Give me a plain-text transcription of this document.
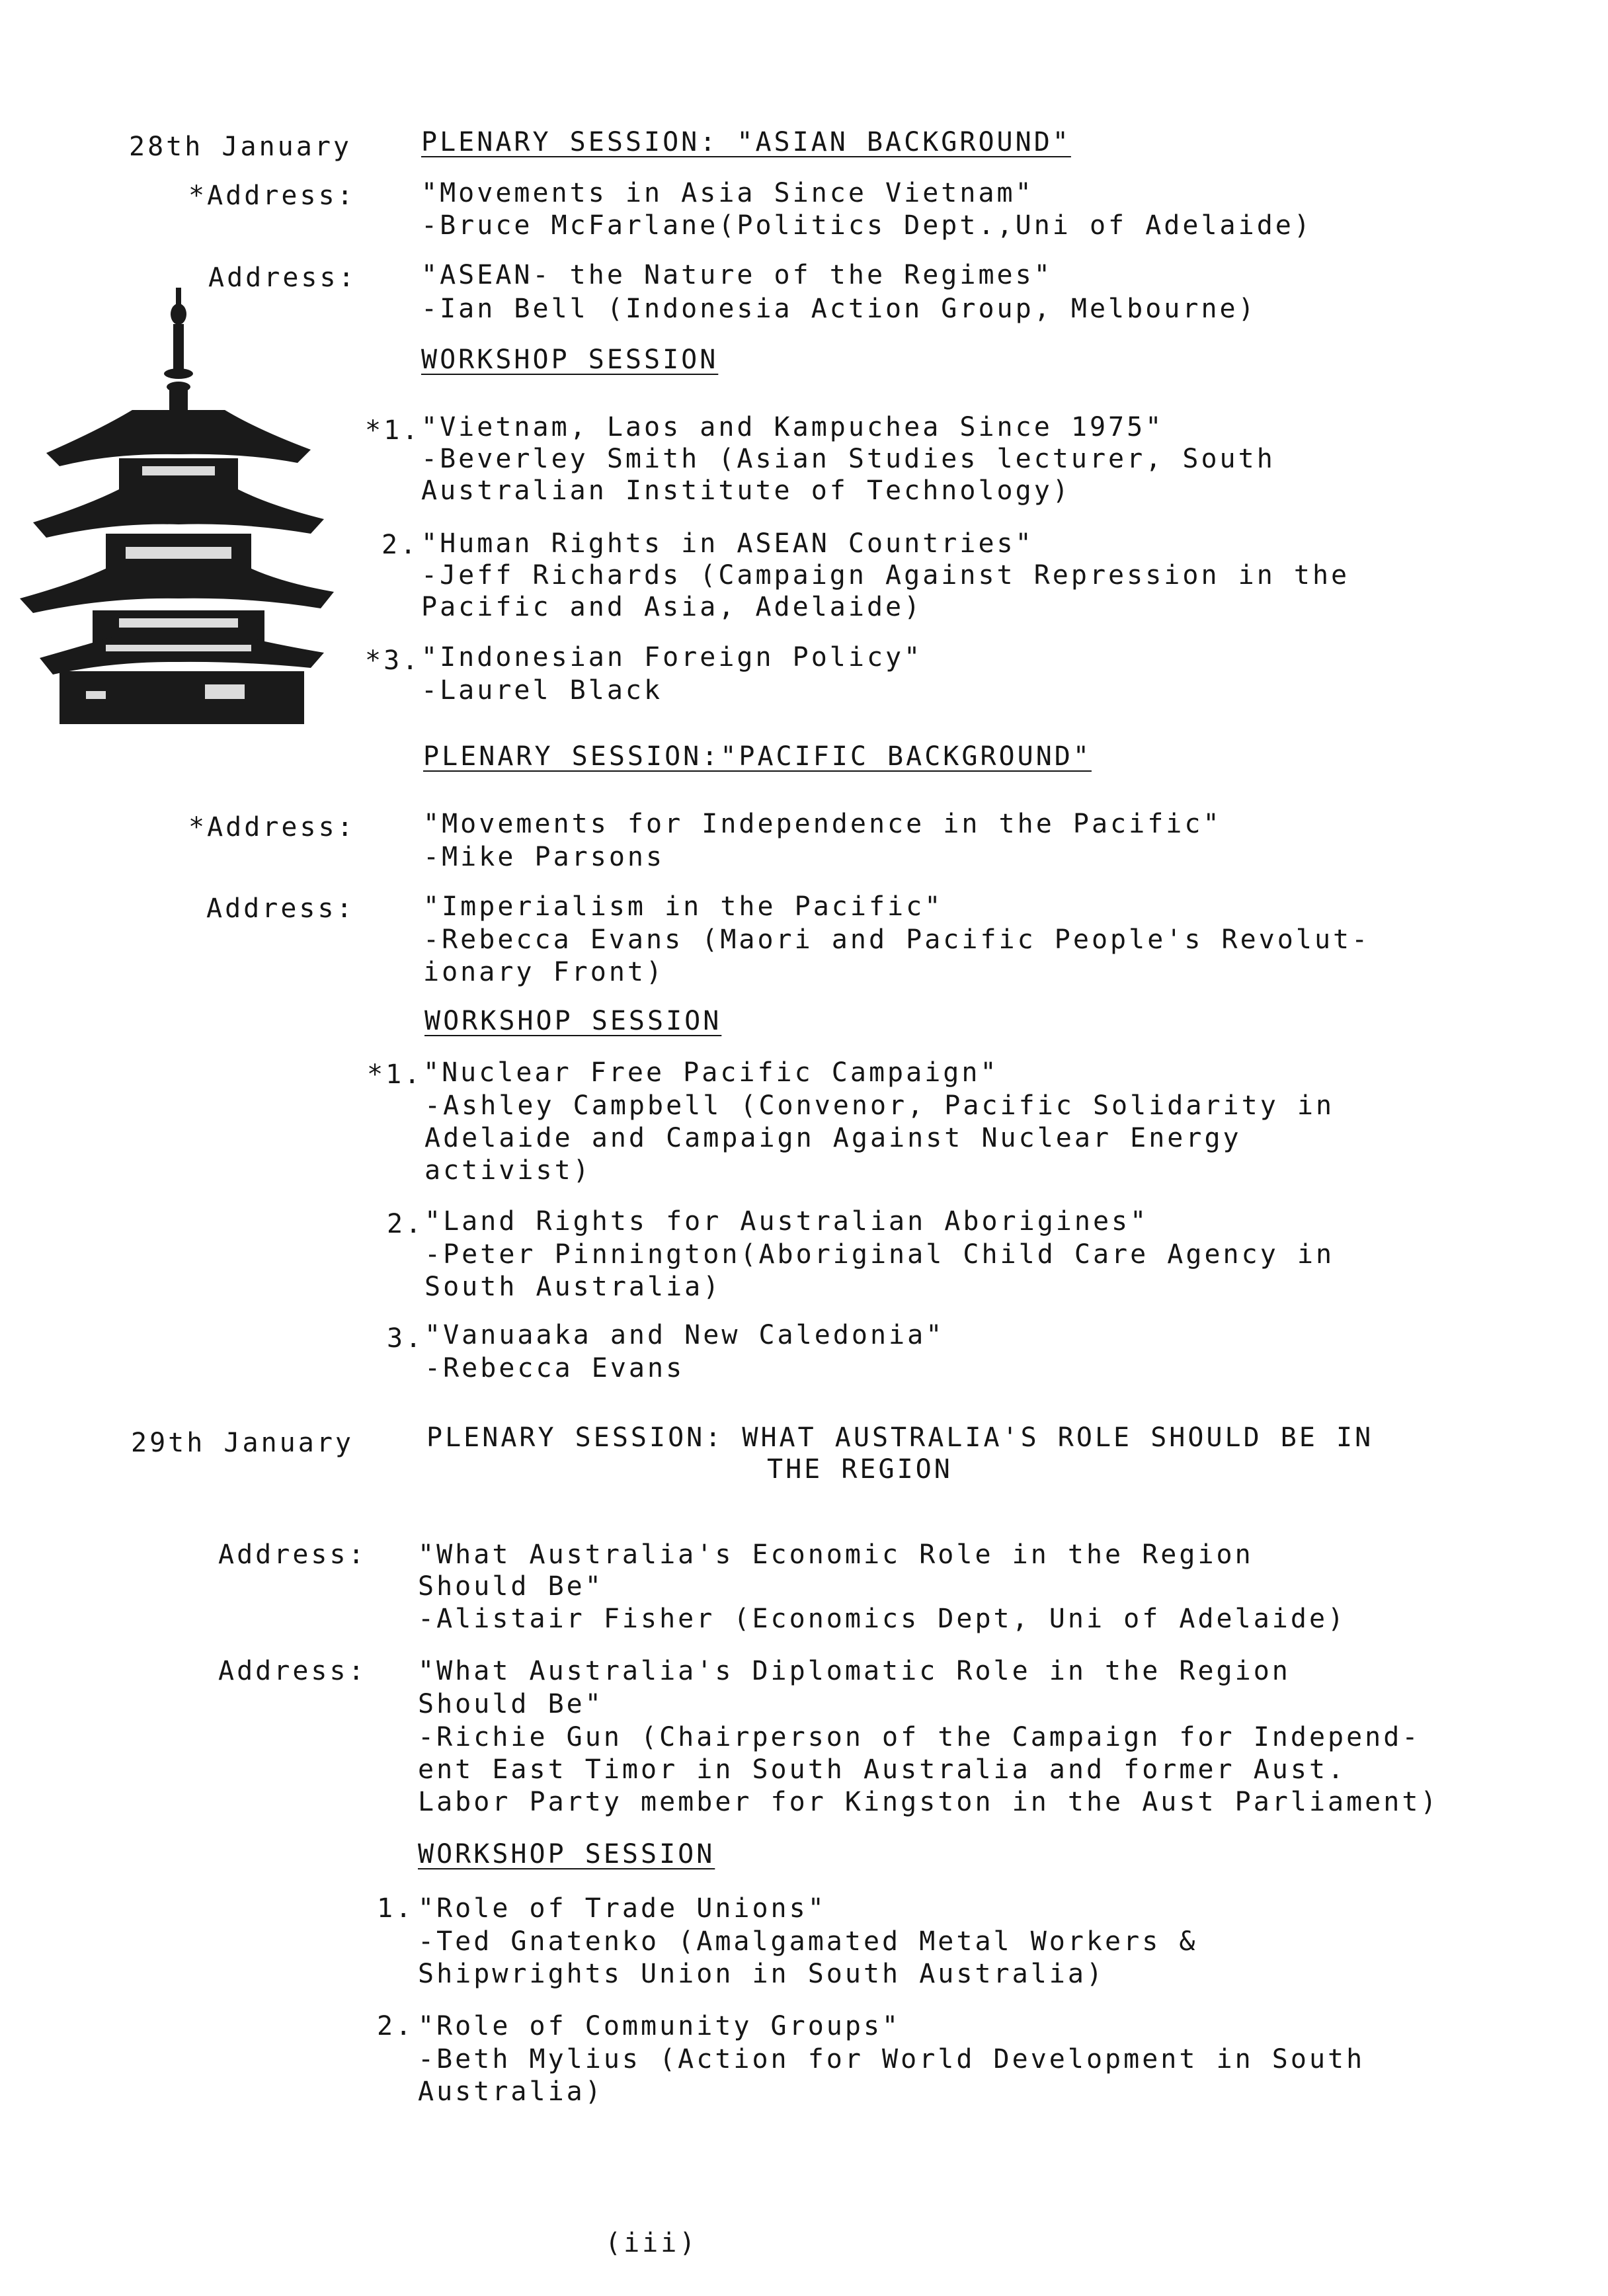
28th January	PLENARY SESSION: "ASIAN BACKGROUND"
*Address: "Movements in Asia Since Vietnam"
-Bruce McFarlane(Politics Dept.,Uni of Adelaide)
Address: "ASEAN- the Nature of the Regimes"
-Ian Bell (Indonesia Action Group, Melbourne)
WORKSHOP SESSION
*1. "Vietnam, Laos and Kampuchea Since 1975"
-Beverley Smith (Asian Studies lecturer, South
Australian Institute of Technology)
2. "Human Rights in ASEAN Countries"
-Jeff Richards (Campaign Against Repression in the
Pacific and Asia, Adelaide)
*3. "Indonesian Foreign Policy"
-Laurel Black
PLENARY SESSION:"PACIFIC BACKGROUND"
*Address:	"Movements for Independence in the Pacific"
-Mike Parsons
Address:	"Imperialism in the Pacific"
-Rebecca Evans (Maori and Pacific People's Revolut-
ionary Front)
WORKSHOP SESSION
*1. "Nuclear Free Pacific Campaign"
-Ashley Campbell (Convenor, Pacific Solidarity in
Adelaide and Campaign Against Nuclear Energy
activist)
2. "Land Rights for Australian Aborigines"
-Peter Pinnington(Aboriginal Child Care Agency in
South Australia)
3. "Vanuaaka and New Caledonia"
-Rebecca Evans
29th January	PLENARY SESSION: WHAT AUSTRALIA'S ROLE SHOULD BE IN
THE REGION
Address: "What Australia's Economic Role in the Region
Should Be"
-Alistair Fisher (Economics Dept, Uni of Adelaide)
Address: "What Australia's Diplomatic Role in the Region
Should Be"
-Richie Gun (Chairperson of the Campaign for Independ-
ent East Timor in South Australia and former Aust.
Labor Party member for Kingston in the Aust Parliament)
WORKSHOP SESSION
1. "Role of Trade Unions"
-Ted Gnatenko (Amalgamated Metal Workers &
Shipwrights Union in South Australia)
2. "Role of Community Groups"
-Beth Mylius (Action for World Development in South
Australia)
(iii)
